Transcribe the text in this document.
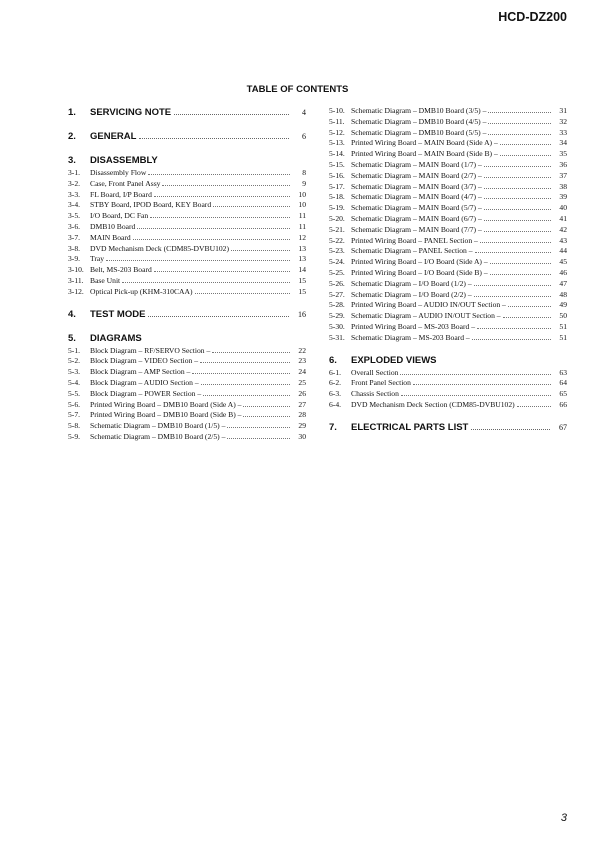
HCD-DZ200
TABLE OF CONTENTS
1.	SERVICING NOTE	4
2.	GENERAL	6
3.	DISASSEMBLY
3-1.	Disassembly Flow	8
3-2.	Case, Front Panel Assy	9
3-3.	FL Board, I/P Board	10
3-4.	STBY Board, IPOD Board, KEY Board	10
3-5.	I/O Board, DC Fan	11
3-6.	DMB10 Board	11
3-7.	MAIN Board	12
3-8.	DVD Mechanism Deck (CDM85-DVBU102)	13
3-9.	Tray	13
3-10. Belt, MS-203 Board	14
3-11. Base Unit	15
3-12. Optical Pick-up (KHM-310CAA)	15
4.	TEST MODE	16
5.	DIAGRAMS
5-1.	Block Diagram – RF/SERVO Section –	22
5-2.	Block Diagram – VIDEO Section –	23
5-3.	Block Diagram – AMP Section –	24
5-4.	Block Diagram – AUDIO Section –	25
5-5.	Block Diagram – POWER Section –	26
5-6.	Printed Wiring Board – DMB10 Board (Side A) –	27
5-7.	Printed Wiring Board – DMB10 Board (Side B) –	28
5-8.	Schematic Diagram – DMB10 Board (1/5) –	29
5-9.	Schematic Diagram – DMB10 Board (2/5) –	30
5-10. Schematic Diagram – DMB10 Board (3/5) –	31
5-11. Schematic Diagram – DMB10 Board (4/5) –	32
5-12. Schematic Diagram – DMB10 Board (5/5) –	33
5-13. Printed Wiring Board – MAIN Board (Side A) –	34
5-14. Printed Wiring Board – MAIN Board (Side B) –	35
5-15. Schematic Diagram – MAIN Board (1/7) –	36
5-16. Schematic Diagram – MAIN Board (2/7) –	37
5-17. Schematic Diagram – MAIN Board (3/7) –	38
5-18. Schematic Diagram – MAIN Board (4/7) –	39
5-19. Schematic Diagram – MAIN Board (5/7) –	40
5-20. Schematic Diagram – MAIN Board (6/7) –	41
5-21. Schematic Diagram – MAIN Board (7/7) –	42
5-22. Printed Wiring Board – PANEL Section –	43
5-23. Schematic Diagram – PANEL Section –	44
5-24. Printed Wiring Board – I/O Board (Side A) –	45
5-25. Printed Wiring Board – I/O Board (Side B) –	46
5-26. Schematic Diagram – I/O Board (1/2) –	47
5-27. Schematic Diagram – I/O Board (2/2) –	48
5-28. Printed Wiring Board – AUDIO IN/OUT Section –	49
5-29. Schematic Diagram – AUDIO IN/OUT Section –	50
5-30. Printed Wiring Board – MS-203 Board –	51
5-31. Schematic Diagram – MS-203 Board –	51
6.	EXPLODED VIEWS
6-1.	Overall Section	63
6-2.	Front Panel Section	64
6-3.	Chassis Section	65
6-4.	DVD Mechanism Deck Section (CDM85-DVBU102)	66
7.	ELECTRICAL PARTS LIST	67
3
